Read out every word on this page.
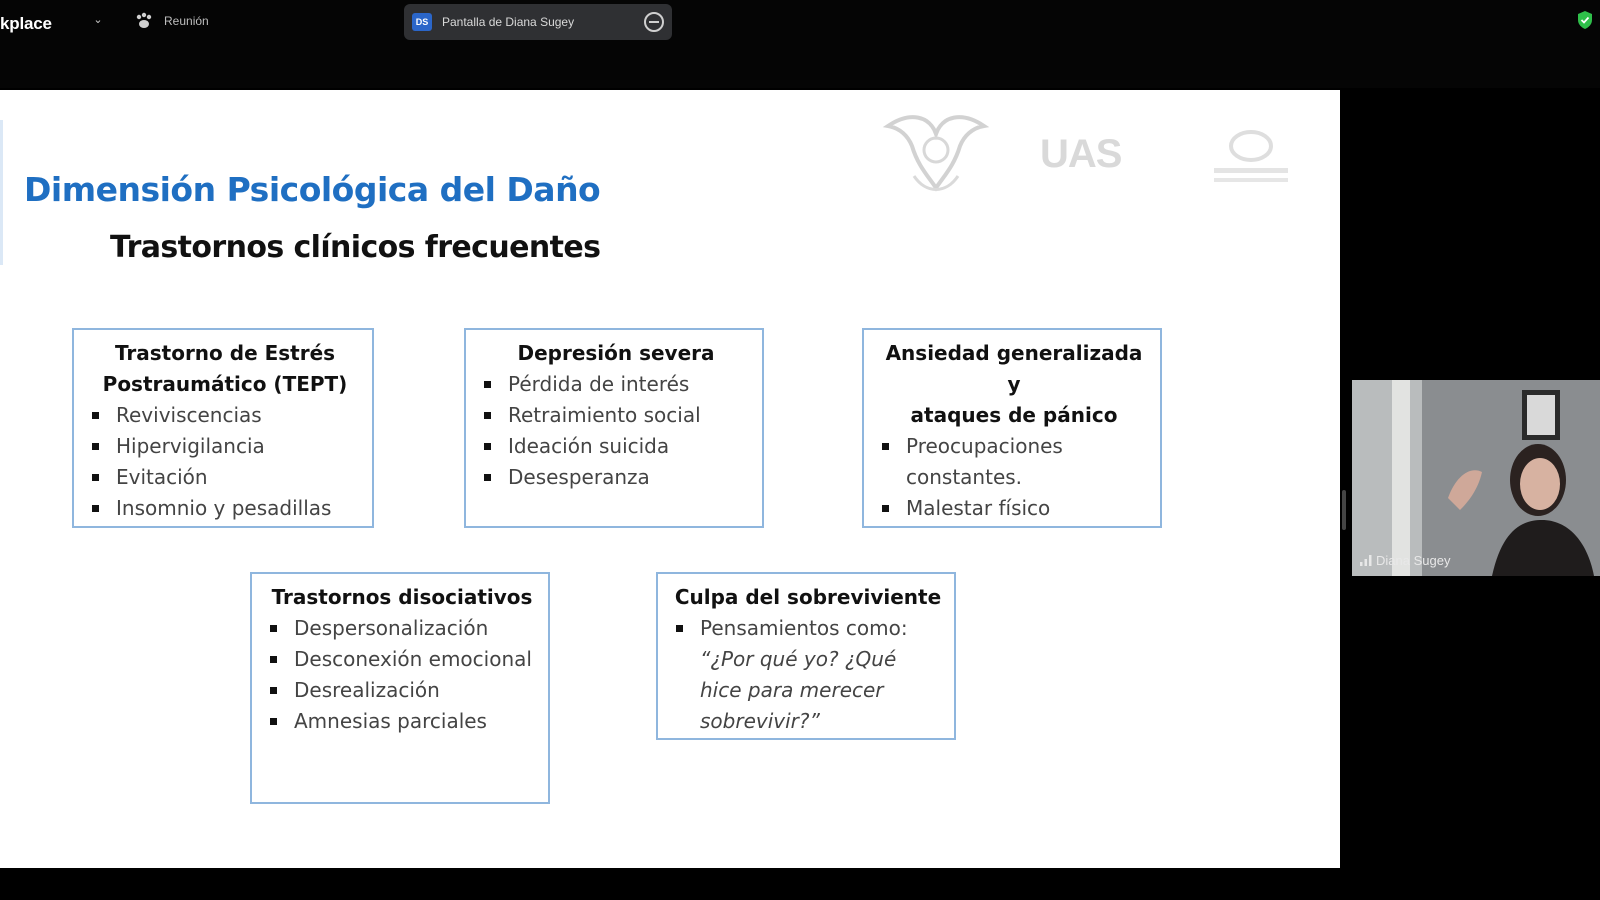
kplace	⌄	Reunión	DS	Pantalla de Diana Sugey
UAS
Dimensión Psicológica del Daño
Trastornos clínicos frecuentes
Trastorno de Estrés
Postraumático (TEPT)
Reviviscencias
Hipervigilancia
Evitación
Insomnio y pesadillas
Depresión severa
Pérdida de interés
Retraimiento social
Ideación suicida
Desesperanza
Ansiedad generalizada y
ataques de pánico
Preocupaciones constantes.
Malestar físico
Trastornos disociativos
Despersonalización
Desconexión emocional
Desrealización
Amnesias parciales
Culpa del sobreviviente
Pensamientos como:
“¿Por qué yo? ¿Qué hice para merecer sobrevivir?”
Diana Sugey
